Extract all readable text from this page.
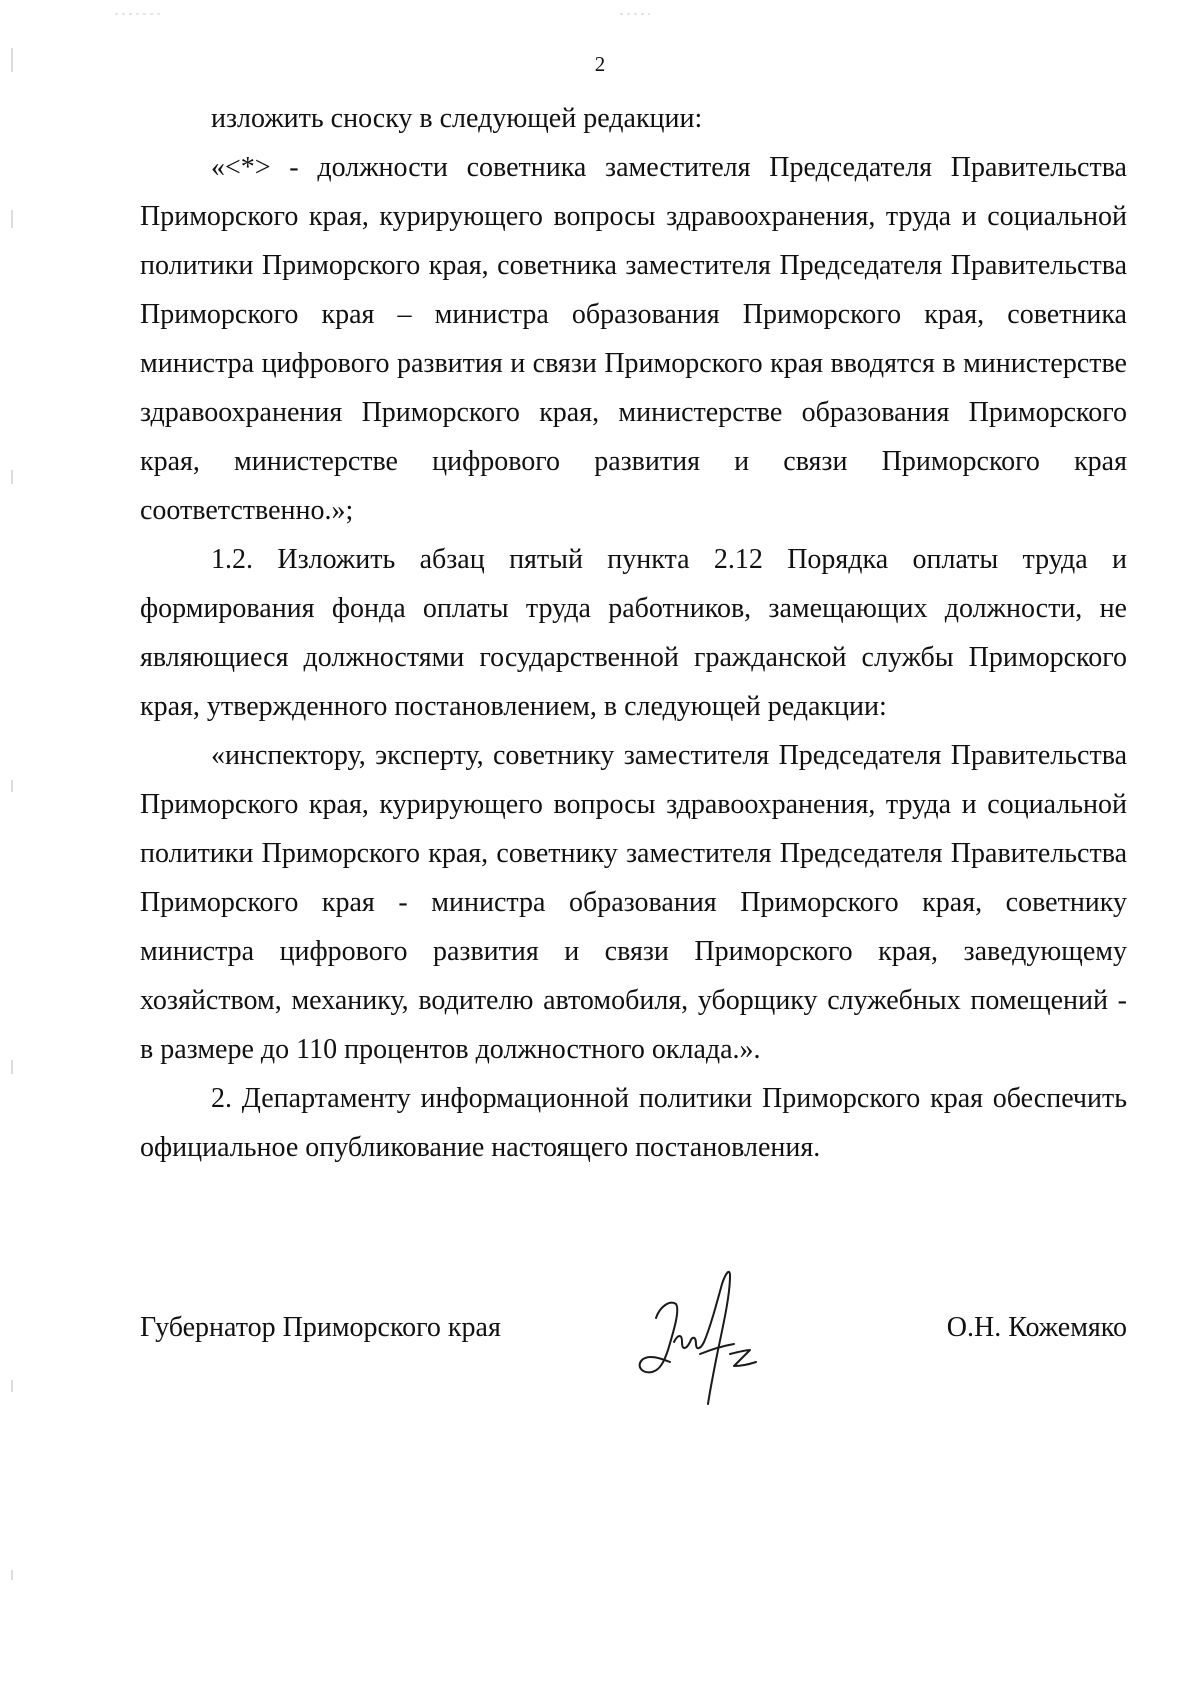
2

изложить сноску в следующей редакции:

«<*> - должности советника заместителя Председателя Правительства Приморского края, курирующего вопросы здравоохранения, труда и социальной политики Приморского края, советника заместителя Председателя Правительства Приморского края – министра образования Приморского края, советника министра цифрового развития и связи Приморского края вводятся в министерстве здравоохранения Приморского края, министерстве образования Приморского края, министерстве цифрового развития и связи Приморского края соответственно.»;

1.2. Изложить абзац пятый пункта 2.12 Порядка оплаты труда и формирования фонда оплаты труда работников, замещающих должности, не являющиеся должностями государственной гражданской службы Приморского края, утвержденного постановлением, в следующей редакции:

«инспектору, эксперту, советнику заместителя Председателя Правительства Приморского края, курирующего вопросы здравоохранения, труда и социальной политики Приморского края, советнику заместителя Председателя Правительства Приморского края - министра образования Приморского края, советнику министра цифрового развития и связи Приморского края, заведующему хозяйством, механику, водителю автомобиля, уборщику служебных помещений - в размере до 110 процентов должностного оклада.».

2. Департаменту информационной политики Приморского края обеспечить официальное опубликование настоящего постановления.

Губернатор Приморского края	О.Н. Кожемяко
